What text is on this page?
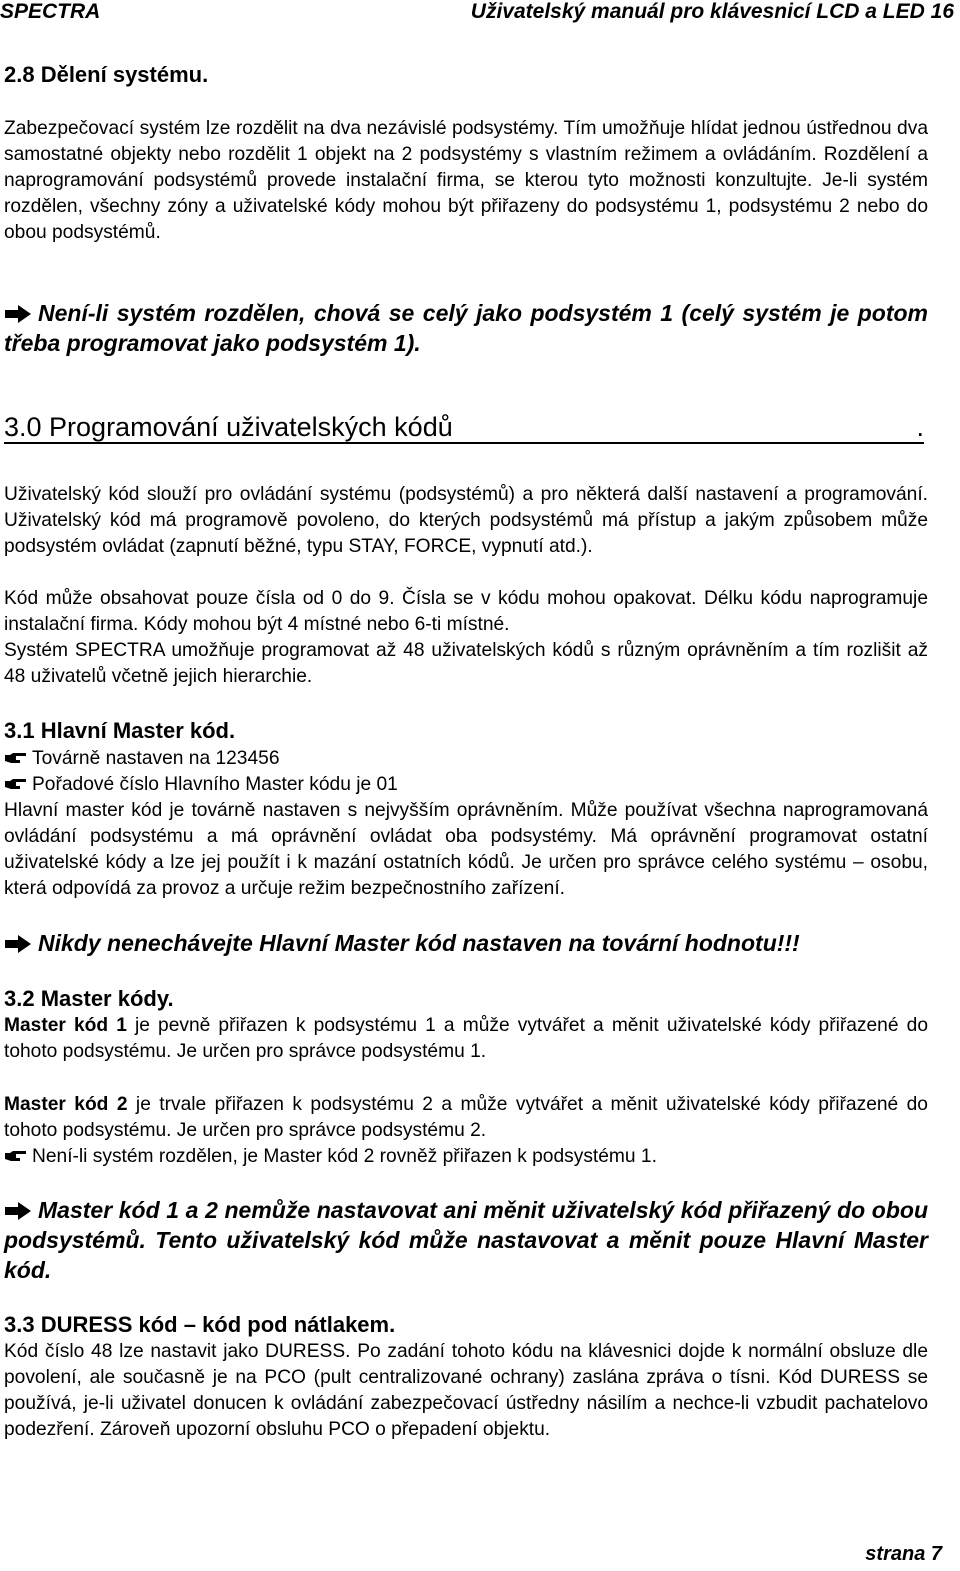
SPECTRA	Uživatelský manuál pro klávesnicí LCD a LED 16
2.8 Dělení systému.
Zabezpečovací systém lze rozdělit na dva nezávislé podsystémy. Tím umožňuje hlídat jednou ústřednou dva samostatné objekty nebo rozdělit 1 objekt na 2 podsystémy s vlastním režimem a ovládáním. Rozdělení a naprogramování podsystémů provede instalační firma, se kterou tyto možnosti konzultujte. Je-li systém rozdělen, všechny zóny a uživatelské kódy mohou být přiřazeny do podsystému 1, podsystému 2 nebo do obou podsystémů.
Není-li systém rozdělen, chová se celý jako podsystém 1 (celý systém je potom třeba programovat jako podsystém 1).
3.0 Programování uživatelských kódů	.
Uživatelský kód slouží pro ovládání systému (podsystémů) a pro některá další nastavení a programování. Uživatelský kód má programově povoleno, do kterých podsystémů má přístup a jakým způsobem může podsystém ovládat (zapnutí běžné, typu STAY, FORCE, vypnutí atd.).
Kód může obsahovat pouze čísla od 0 do 9. Čísla se v kódu mohou opakovat. Délku kódu naprogramuje instalační firma. Kódy mohou být 4 místné nebo 6-ti místné.
Systém SPECTRA umožňuje programovat až 48 uživatelských kódů s různým oprávněním a tím rozlišit až 48 uživatelů včetně jejich hierarchie.
3.1 Hlavní Master kód.
Továrně nastaven na 123456
Pořadové číslo Hlavního Master kódu je 01
Hlavní master kód je továrně nastaven s nejvyšším oprávněním. Může používat všechna naprogramovaná ovládání podsystému a má oprávnění ovládat oba podsystémy. Má oprávnění programovat ostatní uživatelské kódy a lze jej použít i k mazání ostatních kódů. Je určen pro správce celého systému – osobu, která odpovídá za provoz a určuje režim bezpečnostního zařízení.
Nikdy nenechávejte Hlavní Master kód nastaven na tovární hodnotu!!!
3.2 Master kódy.
Master kód 1 je pevně přiřazen k podsystému 1 a může vytvářet a měnit uživatelské kódy přiřazené do tohoto podsystému. Je určen pro správce podsystému 1.
Master kód 2 je trvale přiřazen k podsystému 2 a může vytvářet a měnit uživatelské kódy přiřazené do tohoto podsystému. Je určen pro správce podsystému 2.
Není-li systém rozdělen, je Master kód 2 rovněž přiřazen k podsystému 1.
Master kód 1 a 2 nemůže nastavovat ani měnit uživatelský kód přiřazený do obou podsystémů. Tento uživatelský kód může nastavovat a měnit pouze Hlavní Master kód.
3.3 DURESS kód – kód pod nátlakem.
Kód číslo 48 lze nastavit jako DURESS. Po zadání tohoto kódu na klávesnici dojde k normální obsluze dle povolení, ale současně je na PCO (pult centralizované ochrany) zaslána zpráva o tísni. Kód DURESS se používá, je-li uživatel donucen k ovládání zabezpečovací ústředny násilím a nechce-li vzbudit pachatelovo podezření. Zároveň upozorní obsluhu PCO o přepadení objektu.
strana 7
